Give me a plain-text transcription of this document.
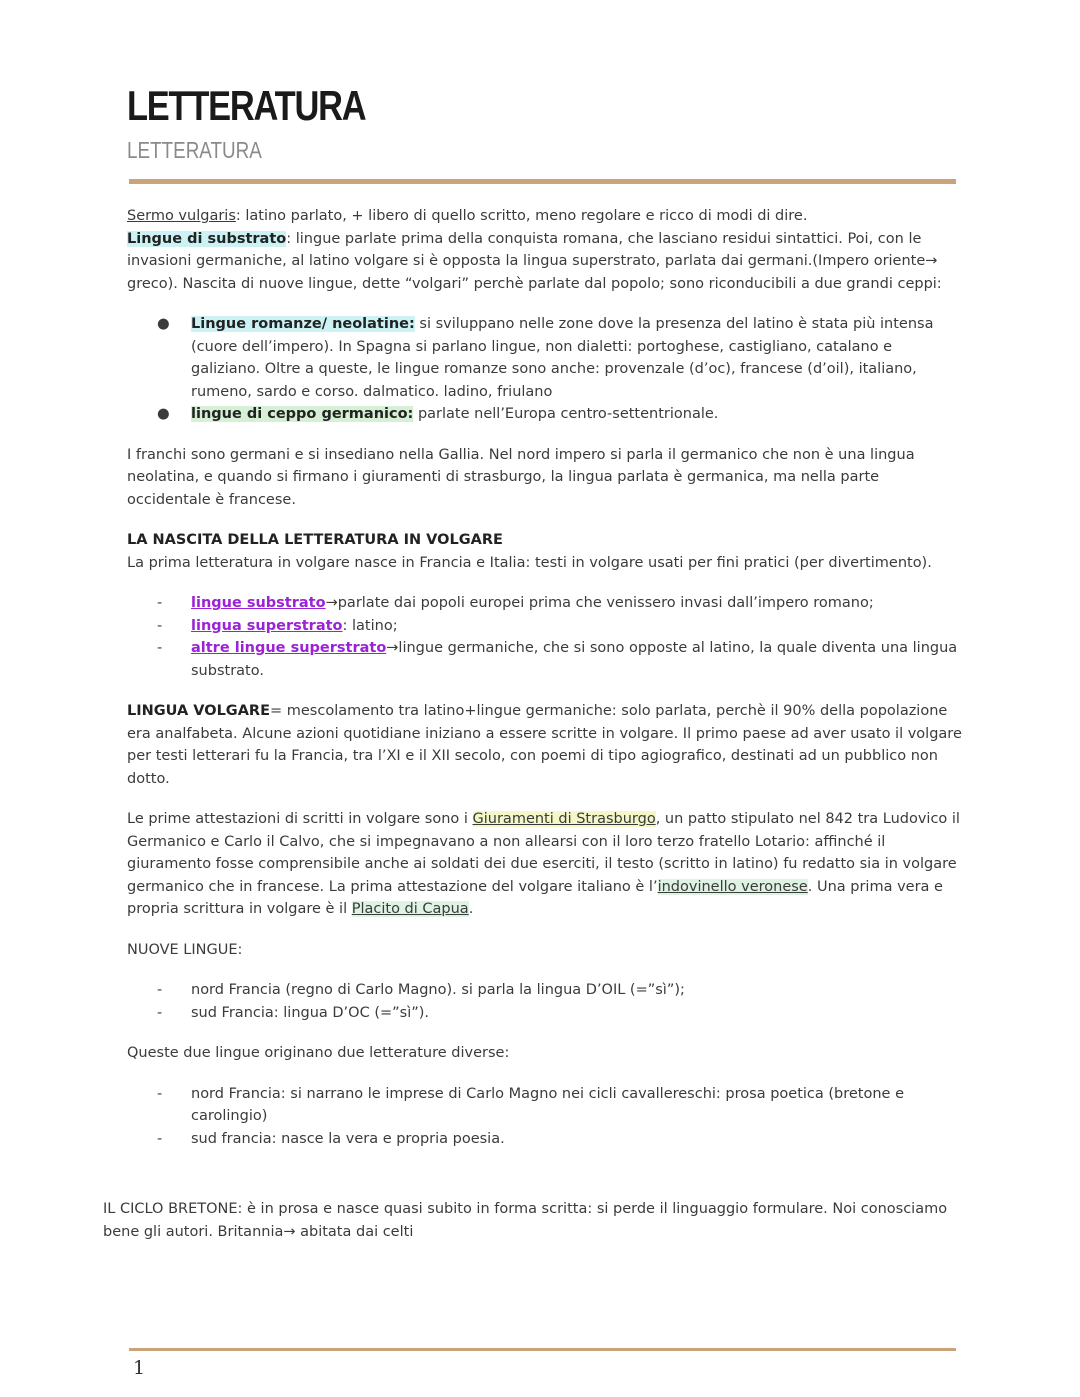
LETTERATURA
LETTERATURA

Sermo vulgaris: latino parlato, + libero di quello scritto, meno regolare e ricco di modi di dire.

Lingue di substrato: lingue parlate prima della conquista romana, che lasciano residui sintattici. Poi, con le invasioni germaniche, al latino volgare si è opposta la lingua superstrato, parlata dai germani.(Impero oriente→ greco). Nascita di nuove lingue, dette “volgari” perchè parlate dal popolo; sono riconducibili a due grandi ceppi:

●	Lingue romanze/ neolatine: si sviluppano nelle zone dove la presenza del latino è stata più intensa (cuore dell’impero). In Spagna si parlano lingue, non dialetti: portoghese, castigliano, catalano e galiziano. Oltre a queste, le lingue romanze sono anche: provenzale (d’oc), francese (d’oil), italiano, rumeno, sardo e corso. dalmatico. ladino, friulano
●	lingue di ceppo germanico: parlate nell’Europa centro-settentrionale.

I franchi sono germani e si insediano nella Gallia. Nel nord impero si parla il germanico che non è una lingua neolatina, e quando si firmano i giuramenti di strasburgo, la lingua parlata è germanica, ma nella parte occidentale è francese.

LA NASCITA DELLA LETTERATURA IN VOLGARE

La prima letteratura in volgare nasce in Francia e Italia: testi in volgare usati per fini pratici (per divertimento).

-	lingue substrato→parlate dai popoli europei prima che venissero invasi dall’impero romano;
-	lingua superstrato: latino;
-	altre lingue superstrato→lingue germaniche, che si sono opposte al latino, la quale diventa una lingua substrato.

LINGUA VOLGARE= mescolamento tra latino+lingue germaniche: solo parlata, perchè il 90% della popolazione era analfabeta. Alcune azioni quotidiane iniziano a essere scritte in volgare. Il primo paese ad aver usato il volgare per testi letterari fu la Francia, tra l’XI e il XII secolo, con poemi di tipo agiografico, destinati ad un pubblico non dotto.

Le prime attestazioni di scritti in volgare sono i Giuramenti di Strasburgo, un patto stipulato nel 842 tra Ludovico il Germanico e Carlo il Calvo, che si impegnavano a non allearsi con il loro terzo fratello Lotario: affinché il giuramento fosse comprensibile anche ai soldati dei due eserciti, il testo (scritto in latino) fu redatto sia in volgare germanico che in francese. La prima attestazione del volgare italiano è l’indovinello veronese. Una prima vera e propria scrittura in volgare è il Placito di Capua.

NUOVE LINGUE:

-	nord Francia (regno di Carlo Magno). si parla la lingua D’OIL (=”sì”);
-	sud Francia: lingua D’OC (=”sì”).

Queste due lingue originano due letterature diverse:

-	nord Francia: si narrano le imprese di Carlo Magno nei cicli cavallereschi: prosa poetica (bretone e carolingio)
-	sud francia: nasce la vera e propria poesia.

IL CICLO BRETONE: è in prosa e nasce quasi subito in forma scritta: si perde il linguaggio formulare. Noi conosciamo bene gli autori. Britannia→ abitata dai celti

1
